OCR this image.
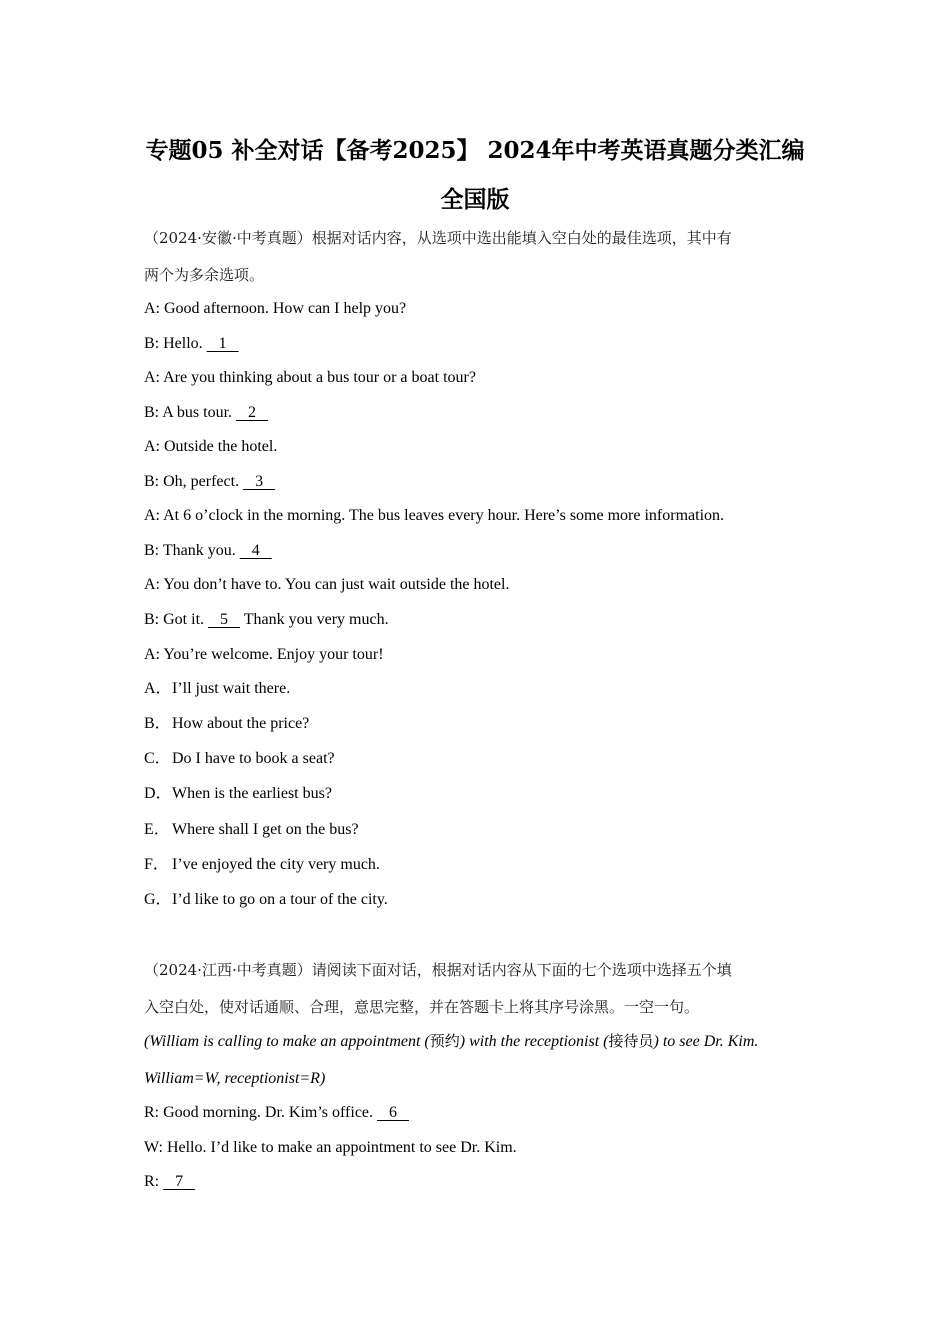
专题05 补全对话【备考2025】 2024年中考英语真题分类汇编
全国版
（2024·安徽·中考真题）根据对话内容，从选项中选出能填入空白处的最佳选项，其中有
两个为多余选项。
A: Good afternoon. How can I help you?
B: Hello.    1
A: Are you thinking about a bus tour or a boat tour?
B: A bus tour.    2
A: Outside the hotel.
B: Oh, perfect.    3
A: At 6 o’clock in the morning. The bus leaves every hour. Here’s some more information.
B: Thank you.    4
A: You don’t have to. You can just wait outside the hotel.
B: Got it.    5    Thank you very much.
A: You’re welcome. Enjoy your tour!
A．I’ll just wait there.
B．How about the price?
C．Do I have to book a seat?
D．When is the earliest bus?
E． Where shall I get on the bus?
F． I’ve enjoyed the city very much.
G．I’d like to go on a tour of the city.
（2024·江西·中考真题）请阅读下面对话，根据对话内容从下面的七个选项中选择五个填
入空白处，使对话通顺、合理，意思完整，并在答题卡上将其序号涂黑。一空一句。
(William is calling to make an appointment (预约) with the receptionist (接待员) to see Dr. Kim.
William=W, receptionist=R)
R: Good morning. Dr. Kim’s office.    6
W: Hello. I’d like to make an appointment to see Dr. Kim.
R:    7
